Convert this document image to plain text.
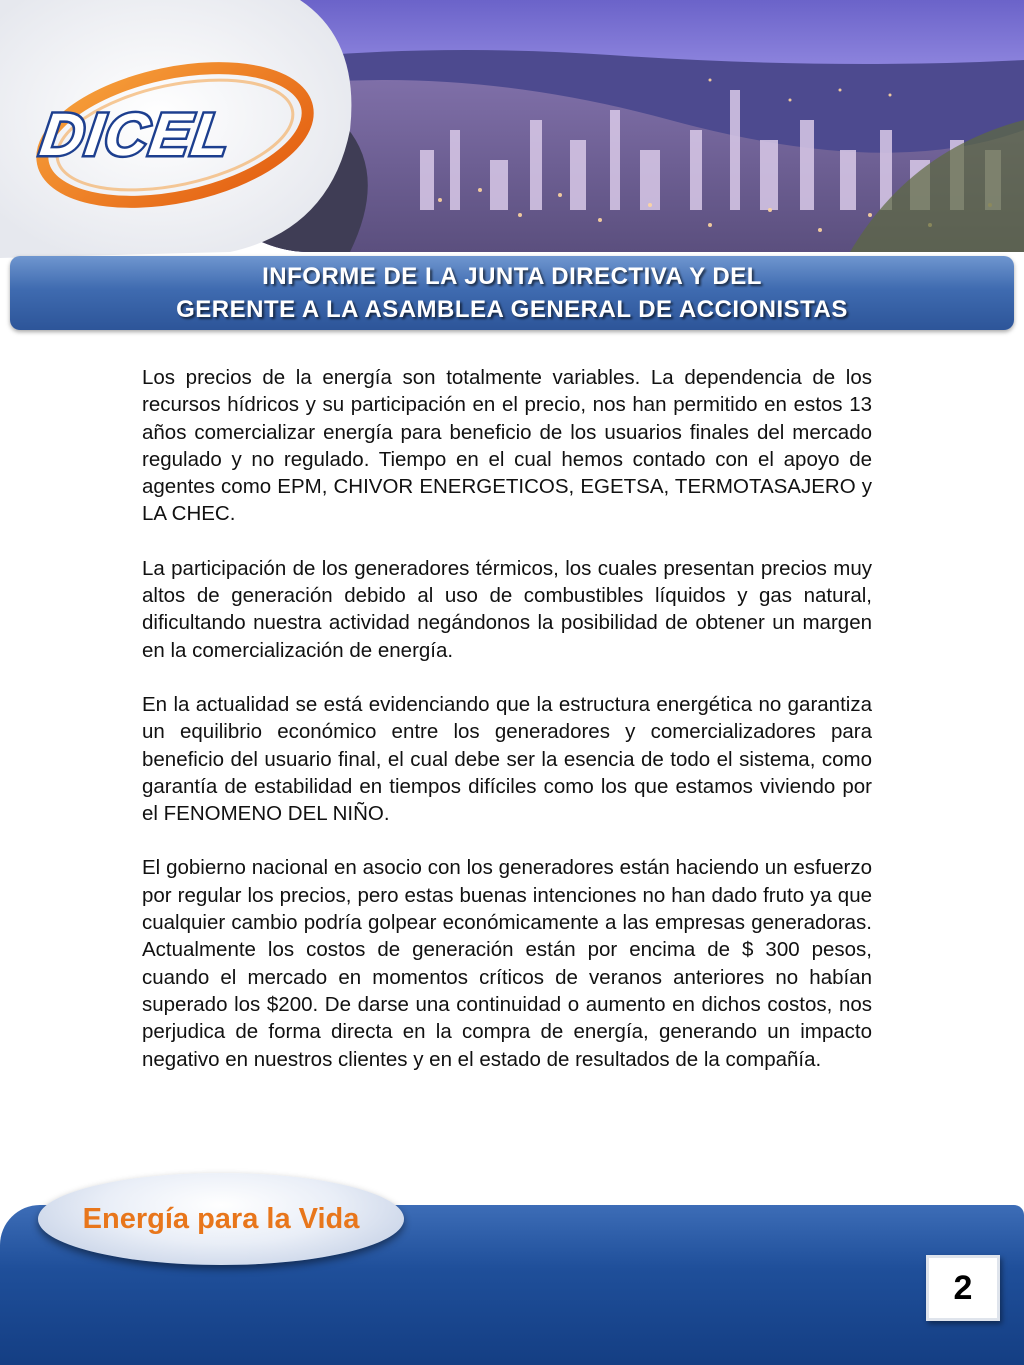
DICEL
INFORME DE LA JUNTA DIRECTIVA Y DEL
GERENTE A LA ASAMBLEA GENERAL DE ACCIONISTAS

Los precios de la energía son totalmente variables. La dependencia de los recursos hídricos y su participación en el precio, nos han permitido en estos 13 años comercializar energía para beneficio de los usuarios finales del mercado regulado y no regulado. Tiempo en el cual hemos contado con el apoyo de agentes como EPM, CHIVOR ENERGETICOS, EGETSA, TERMOTASAJERO y LA CHEC.

La participación de los generadores térmicos, los cuales presentan precios muy altos de generación debido al uso de combustibles líquidos y gas natural, dificultando nuestra actividad negándonos la posibilidad de obtener un margen en la comercialización de energía.

En la actualidad se está evidenciando que la estructura energética no garantiza un equilibrio económico entre los generadores y comercializadores para beneficio del usuario final, el cual debe ser la esencia de todo el sistema, como garantía de estabilidad en tiempos difíciles como los que estamos viviendo por el FENOMENO DEL NIÑO.

El gobierno nacional en asocio con los generadores están haciendo un esfuerzo por regular los precios, pero estas buenas intenciones no han dado fruto ya que cualquier cambio podría golpear económicamente a las empresas generadoras. Actualmente los costos de generación están por encima de $ 300 pesos, cuando el mercado en momentos críticos de veranos anteriores no habían superado los $200. De darse una continuidad o aumento en dichos costos, nos perjudica de forma directa en la compra de energía, generando un impacto negativo en nuestros clientes y en el estado de resultados de la compañía.

Energía para la Vida
2
